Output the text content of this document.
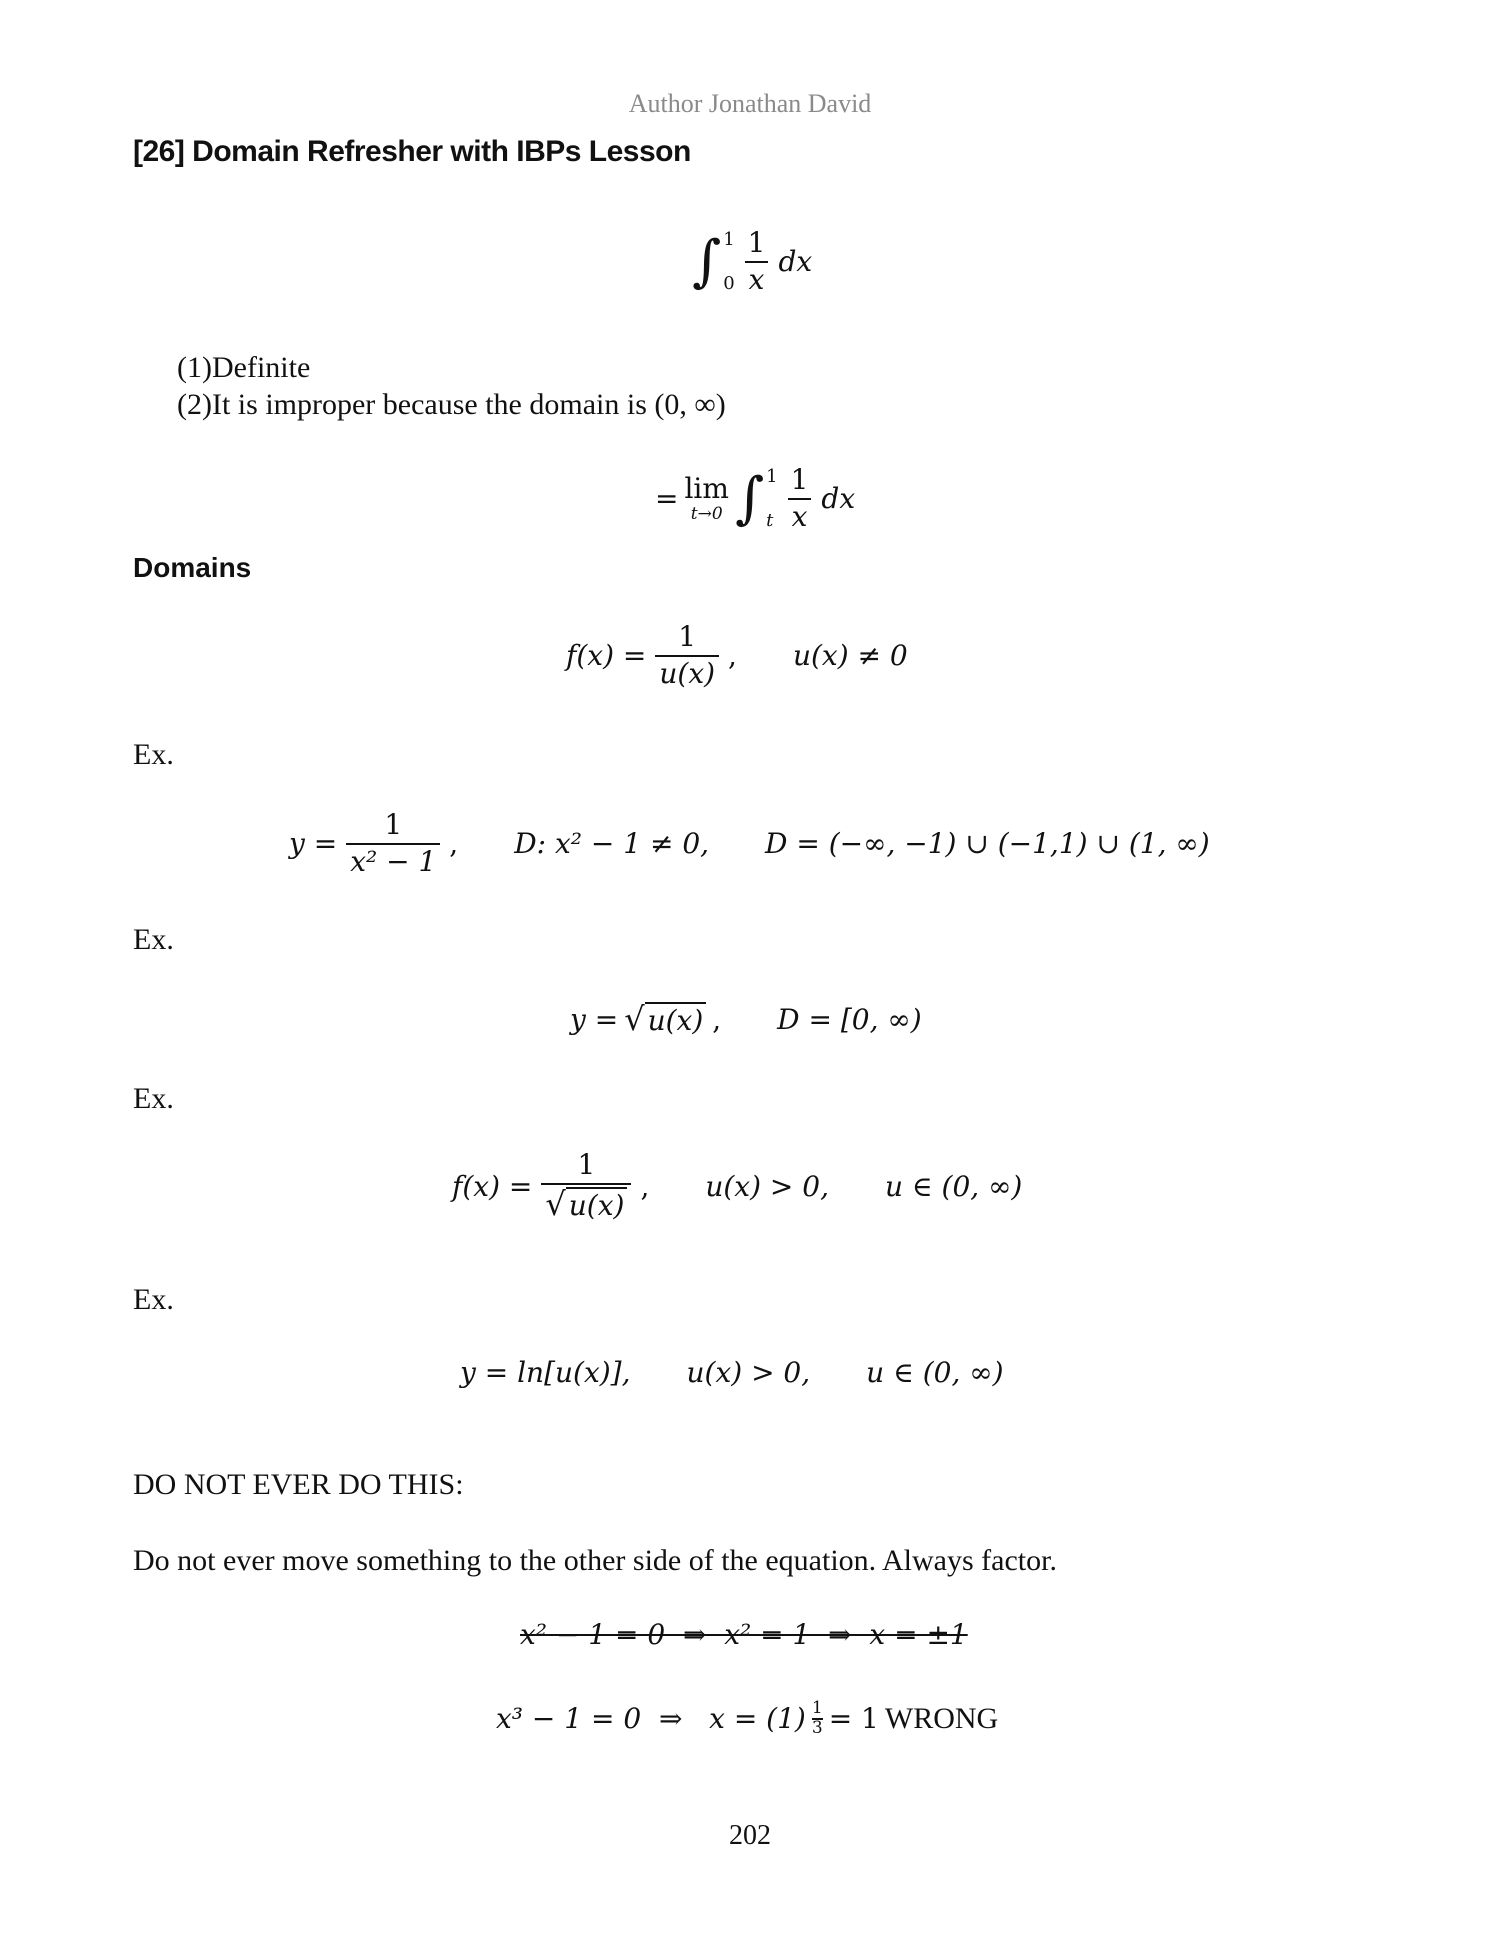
Author Jonathan David
[26] Domain Refresher with IBPs Lesson
∫ 1
$0 \frac{1}{x}$ dx
(1)Definite
(2)It is improper because the domain is (0, ∞)
= lim
t→0 ∫ 1
t $\frac{1}{x}$ dx
Domains
$f(x) = \frac{1}{u(x)}$ , u(x) ≠ 0
Ex.
$y = \frac{1}{\text{x² − 1}}$ , D: x² − 1 ≠ 0, D = (−∞, −1) ∪ (−1,1) ∪ (1, ∞)
Ex.
y = √ u(x) , D = [0, ∞)
Ex.
$f(x) = \frac{1}{√ u(x)}$ , u(x) > 0, u ∈ (0, ∞)
Ex.
y = ln[u(x)], u(x) > 0, u ∈ (0, ∞)
DO NOT EVER DO THIS:
Do not ever move something to the other side of the equation. Always factor.
x² − 1 = 0  ⇒  x² = 1  ⇒  x = ±1
x³ − 1 = 0  ⇒   $x = (1) \frac{1}{3} = 1$ WRONG
202
